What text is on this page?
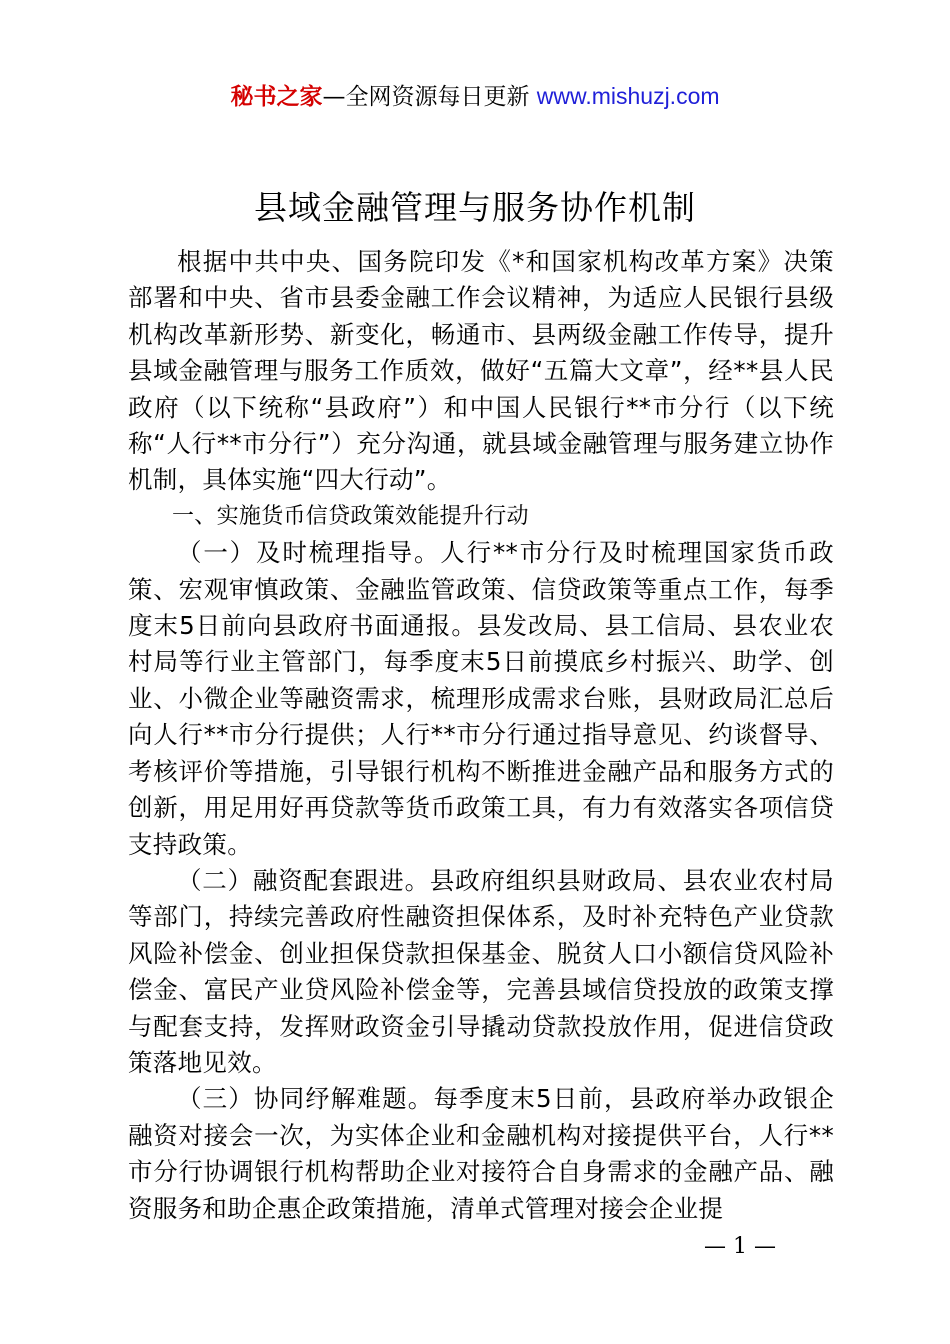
秘书之家—全网资源每日更新 www.mishuzj.com
县域金融管理与服务协作机制

根据中共中央、国务院印发《*和国家机构改革方案》决策部署和中央、省市县委金融工作会议精神，为适应人民银行县级机构改革新形势、新变化，畅通市、县两级金融工作传导，提升县域金融管理与服务工作质效，做好“五篇大文章”，经**县人民政府（以下统称“县政府”）和中国人民银行**市分行（以下统称“人行**市分行”）充分沟通，就县域金融管理与服务建立协作机制，具体实施“四大行动”。

一、实施货币信贷政策效能提升行动

（一）及时梳理指导。人行**市分行及时梳理国家货币政策、宏观审慎政策、金融监管政策、信贷政策等重点工作，每季度末5日前向县政府书面通报。县发改局、县工信局、县农业农村局等行业主管部门，每季度末5日前摸底乡村振兴、助学、创业、小微企业等融资需求，梳理形成需求台账，县财政局汇总后向人行**市分行提供；人行**市分行通过指导意见、约谈督导、考核评价等措施，引导银行机构不断推进金融产品和服务方式的创新，用足用好再贷款等货币政策工具，有力有效落实各项信贷支持政策。

（二）融资配套跟进。县政府组织县财政局、县农业农村局等部门，持续完善政府性融资担保体系，及时补充特色产业贷款风险补偿金、创业担保贷款担保基金、脱贫人口小额信贷风险补偿金、富民产业贷风险补偿金等，完善县域信贷投放的政策支撑与配套支持，发挥财政资金引导撬动贷款投放作用，促进信贷政策落地见效。

（三）协同纾解难题。每季度末5日前，县政府举办政银企融资对接会一次，为实体企业和金融机构对接提供平台，人行**市分行协调银行机构帮助企业对接符合自身需求的金融产品、融资服务和助企惠企政策措施，清单式管理对接会企业提

— 1 —
